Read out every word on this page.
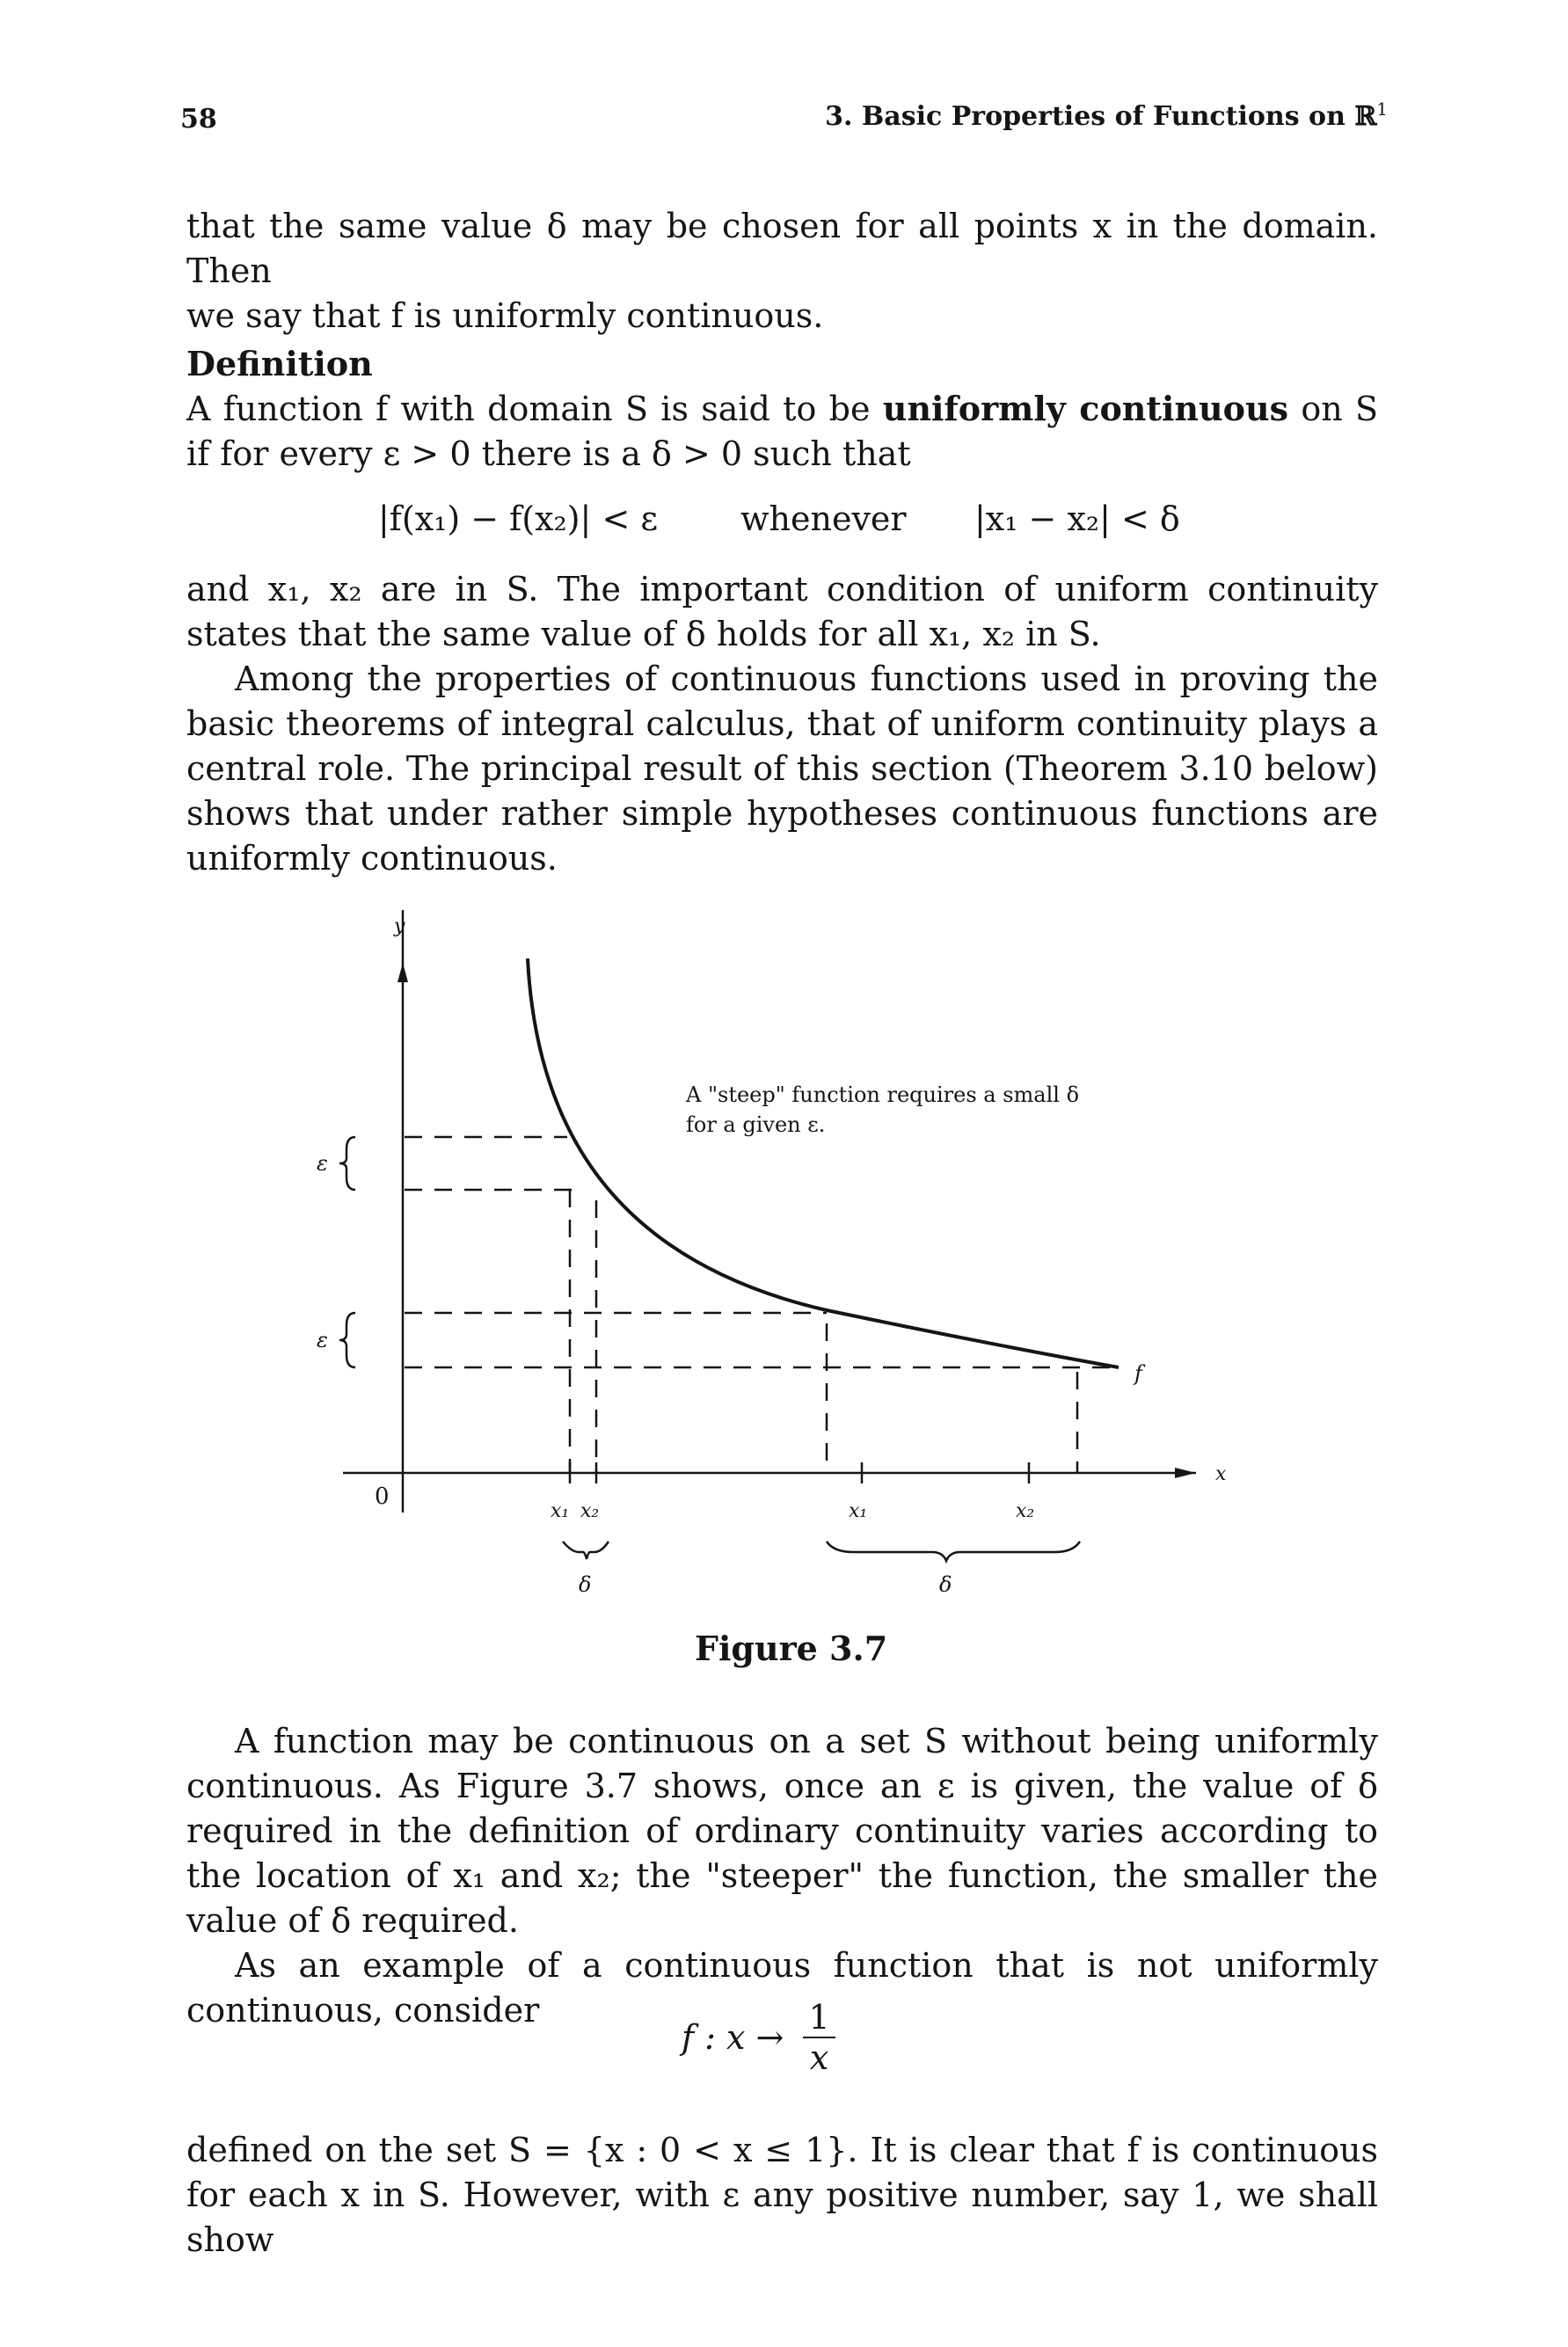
58	3. Basic Properties of Functions on ℝ$^1$

that the same value δ may be chosen for all points x in the domain. Then

we say that f is uniformly continuous.

Definition

A function f with domain S is said to be uniformly continuous on S if for every ε > 0 there is a δ > 0 such that

|f(x₁) − f(x₂)| < ε whenever |x₁ − x₂| < δ

and x₁, x₂ are in S. The important condition of uniform continuity states that the same value of δ holds for all x₁, x₂ in S.

Among the properties of continuous functions used in proving the basic theorems of integral calculus, that of uniform continuity plays a central role. The principal result of this section (Theorem 3.10 below) shows that under rather simple hypotheses continuous functions are uniformly continuous.

y
x
0
f
A "steep" function requires a small δ
for a given ε.
ε
ε
x₁ x₂	x₁	x₂
δ	δ
Figure 3.7

A function may be continuous on a set S without being uniformly continuous. As Figure 3.7 shows, once an ε is given, the value of δ required in the definition of ordinary continuity varies according to the location of x₁ and x₂; the "steeper" the function, the smaller the value of δ required.

As an example of a continuous function that is not uniformly continuous, consider

f : $x \to \frac{1}{x}$

defined on the set S = {x : 0 < x ≤ 1}. It is clear that f is continuous for each x in S. However, with ε any positive number, say 1, we shall show
